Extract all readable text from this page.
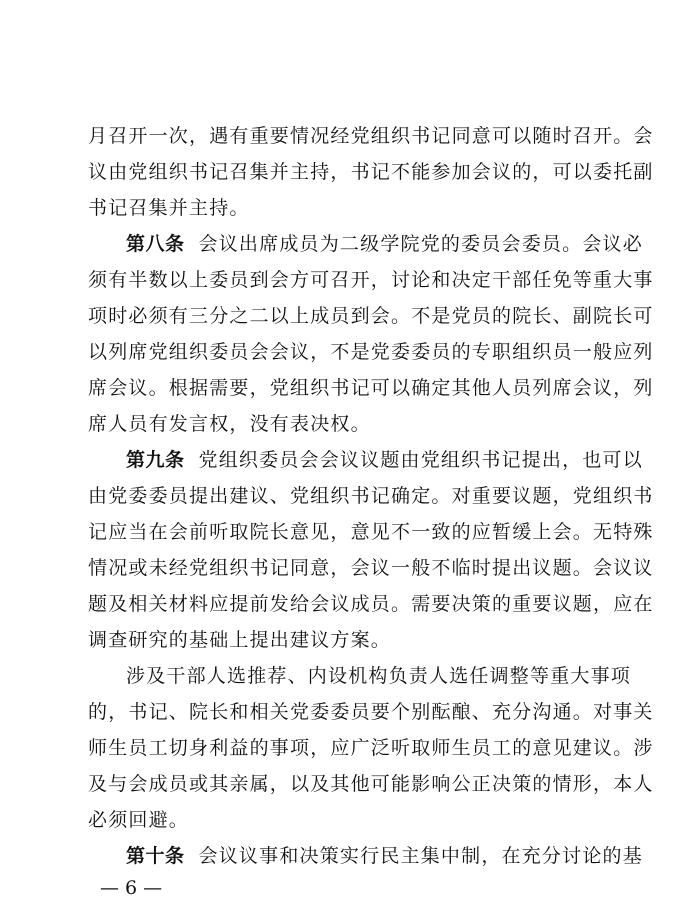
月召开一次，遇有重要情况经党组织书记同意可以随时召开。会
议由党组织书记召集并主持，书记不能参加会议的，可以委托副
书记召集并主持。
第八条 会议出席成员为二级学院党的委员会委员。会议必
须有半数以上委员到会方可召开，讨论和决定干部任免等重大事
项时必须有三分之二以上成员到会。不是党员的院长、副院长可
以列席党组织委员会会议，不是党委委员的专职组织员一般应列
席会议。根据需要，党组织书记可以确定其他人员列席会议，列
席人员有发言权，没有表决权。
第九条 党组织委员会会议议题由党组织书记提出，也可以
由党委委员提出建议、党组织书记确定。对重要议题，党组织书
记应当在会前听取院长意见，意见不一致的应暂缓上会。无特殊
情况或未经党组织书记同意，会议一般不临时提出议题。会议议
题及相关材料应提前发给会议成员。需要决策的重要议题，应在
调查研究的基础上提出建议方案。
涉及干部人选推荐、内设机构负责人选任调整等重大事项
的，书记、院长和相关党委委员要个别酝酿、充分沟通。对事关
师生员工切身利益的事项，应广泛听取师生员工的意见建议。涉
及与会成员或其亲属，以及其他可能影响公正决策的情形，本人
必须回避。
第十条 会议议事和决策实行民主集中制，在充分讨论的基
— 6 —
